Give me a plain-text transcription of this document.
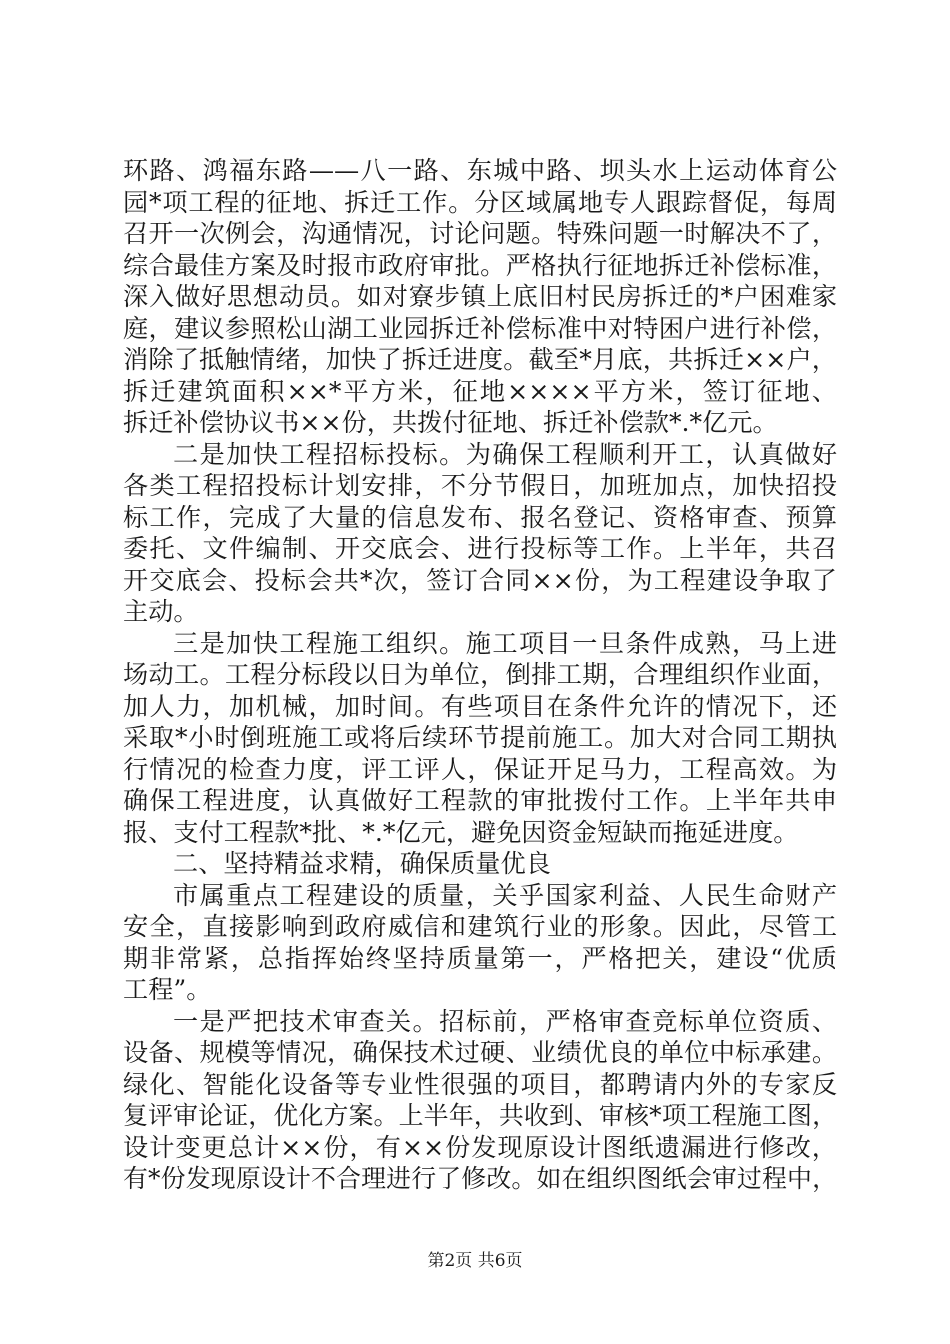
环路、鸿福东路——八一路、东城中路、坝头水上运动体育公
园*项工程的征地、拆迁工作。分区域属地专人跟踪督促，每周
召开一次例会，沟通情况，讨论问题。特殊问题一时解决不了，
综合最佳方案及时报市政府审批。严格执行征地拆迁补偿标准，
深入做好思想动员。如对寮步镇上底旧村民房拆迁的*户困难家
庭，建议参照松山湖工业园拆迁补偿标准中对特困户进行补偿，
消除了抵触情绪，加快了拆迁进度。截至*月底，共拆迁××户，
拆迁建筑面积××*平方米，征地××××平方米，签订征地、
拆迁补偿协议书××份，共拨付征地、拆迁补偿款*.*亿元。
二是加快工程招标投标。为确保工程顺利开工，认真做好
各类工程招投标计划安排，不分节假日，加班加点，加快招投
标工作，完成了大量的信息发布、报名登记、资格审查、预算
委托、文件编制、开交底会、进行投标等工作。上半年，共召
开交底会、投标会共*次，签订合同××份，为工程建设争取了
主动。
三是加快工程施工组织。施工项目一旦条件成熟，马上进
场动工。工程分标段以日为单位，倒排工期，合理组织作业面，
加人力，加机械，加时间。有些项目在条件允许的情况下，还
采取*小时倒班施工或将后续环节提前施工。加大对合同工期执
行情况的检查力度，评工评人，保证开足马力，工程高效。为
确保工程进度，认真做好工程款的审批拨付工作。上半年共申
报、支付工程款*批、*.*亿元，避免因资金短缺而拖延进度。
二、坚持精益求精，确保质量优良
市属重点工程建设的质量，关乎国家利益、人民生命财产
安全，直接影响到政府威信和建筑行业的形象。因此，尽管工
期非常紧，总指挥始终坚持质量第一，严格把关，建设“优质
工程”。
一是严把技术审查关。招标前，严格审查竞标单位资质、
设备、规模等情况，确保技术过硬、业绩优良的单位中标承建。
绿化、智能化设备等专业性很强的项目，都聘请内外的专家反
复评审论证，优化方案。上半年，共收到、审核*项工程施工图，
设计变更总计××份，有××份发现原设计图纸遗漏进行修改，
有*份发现原设计不合理进行了修改。如在组织图纸会审过程中，
第2页 共6页
